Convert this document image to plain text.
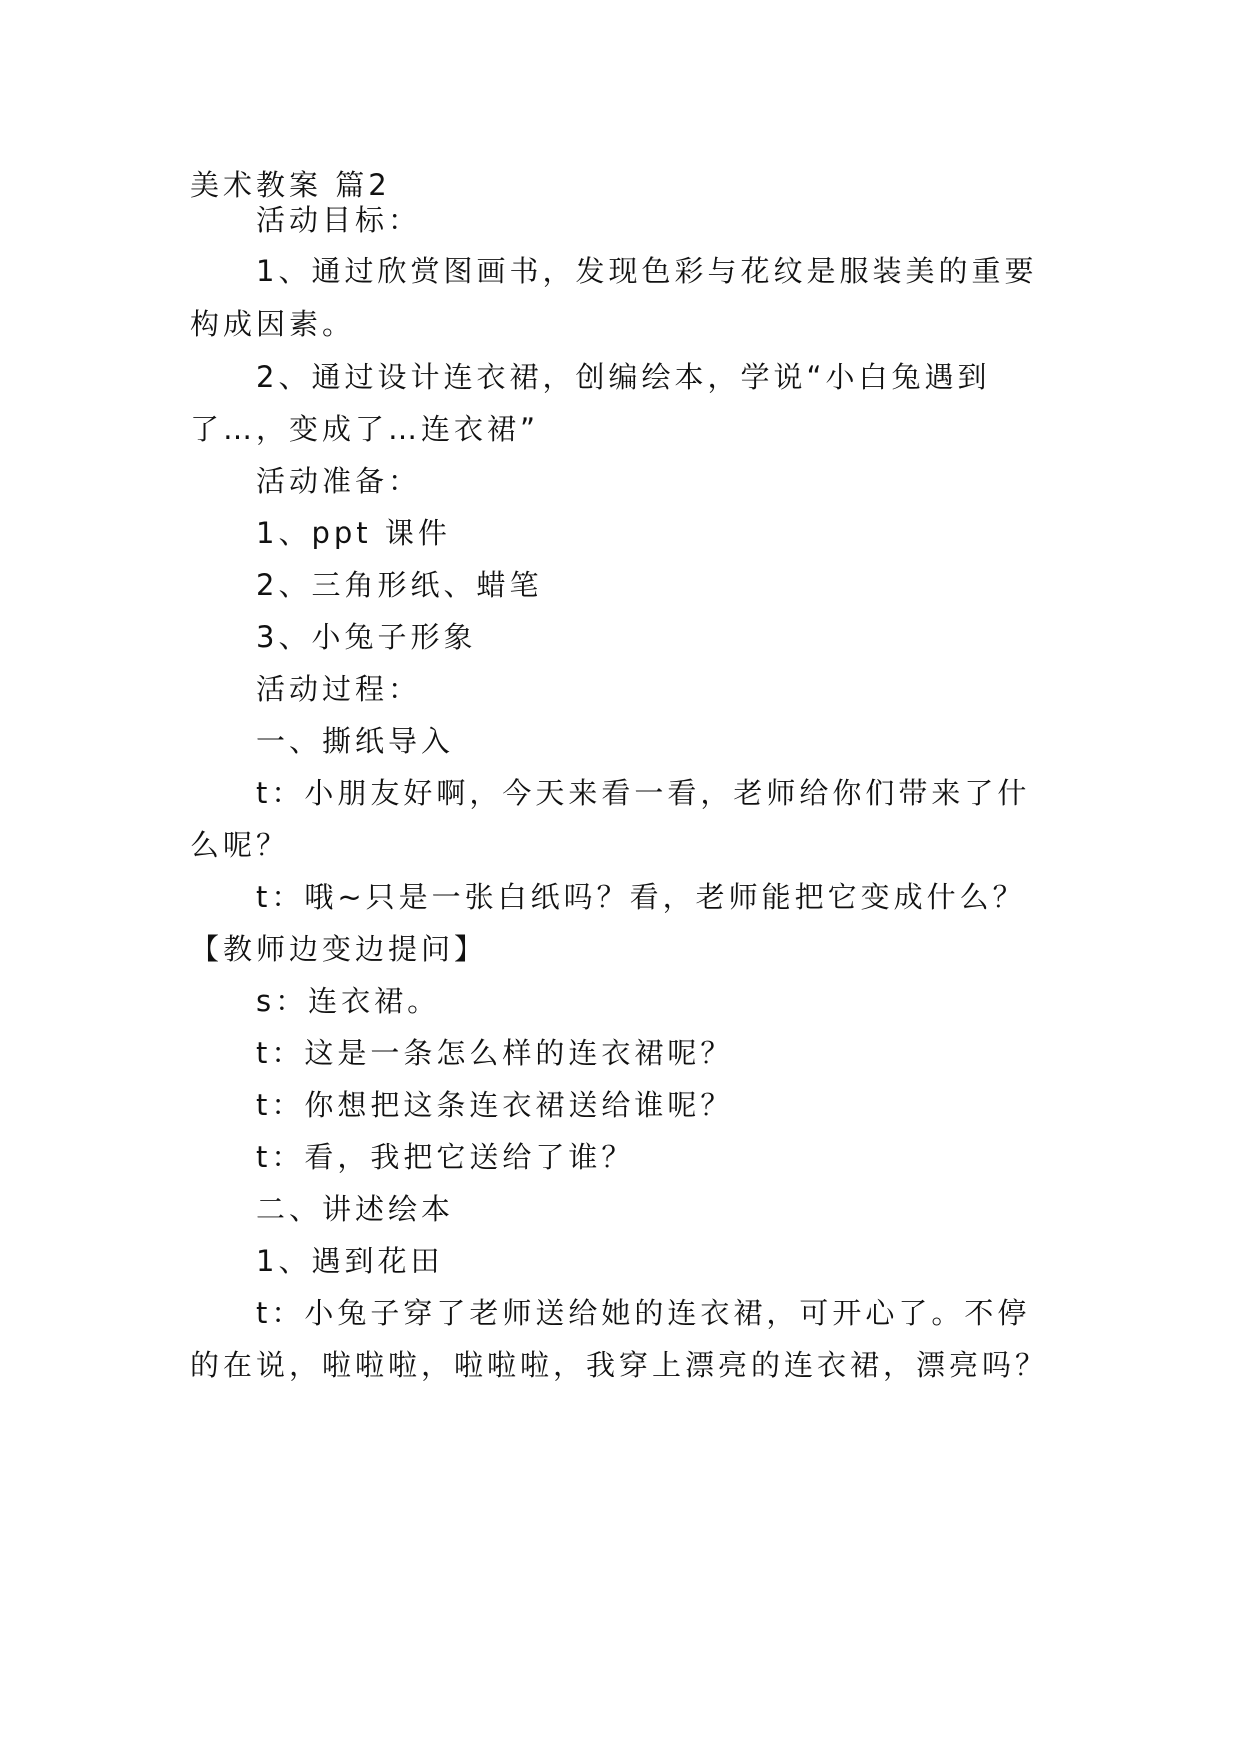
美术教案 篇2
活动目标：
1、通过欣赏图画书，发现色彩与花纹是服装美的重要
构成因素。
2、通过设计连衣裙，创编绘本，学说“小白兔遇到
了…，变成了…连衣裙”
活动准备：
1、ppt 课件
2、三角形纸、蜡笔
3、小兔子形象
活动过程：
一、撕纸导入
t：小朋友好啊，今天来看一看，老师给你们带来了什
么呢？
t：哦~只是一张白纸吗？看，老师能把它变成什么？
【教师边变边提问】
s：连衣裙。
t：这是一条怎么样的连衣裙呢？
t：你想把这条连衣裙送给谁呢？
t：看，我把它送给了谁？
二、讲述绘本
1、遇到花田
t：小兔子穿了老师送给她的连衣裙，可开心了。不停
的在说，啦啦啦，啦啦啦，我穿上漂亮的连衣裙，漂亮吗？
